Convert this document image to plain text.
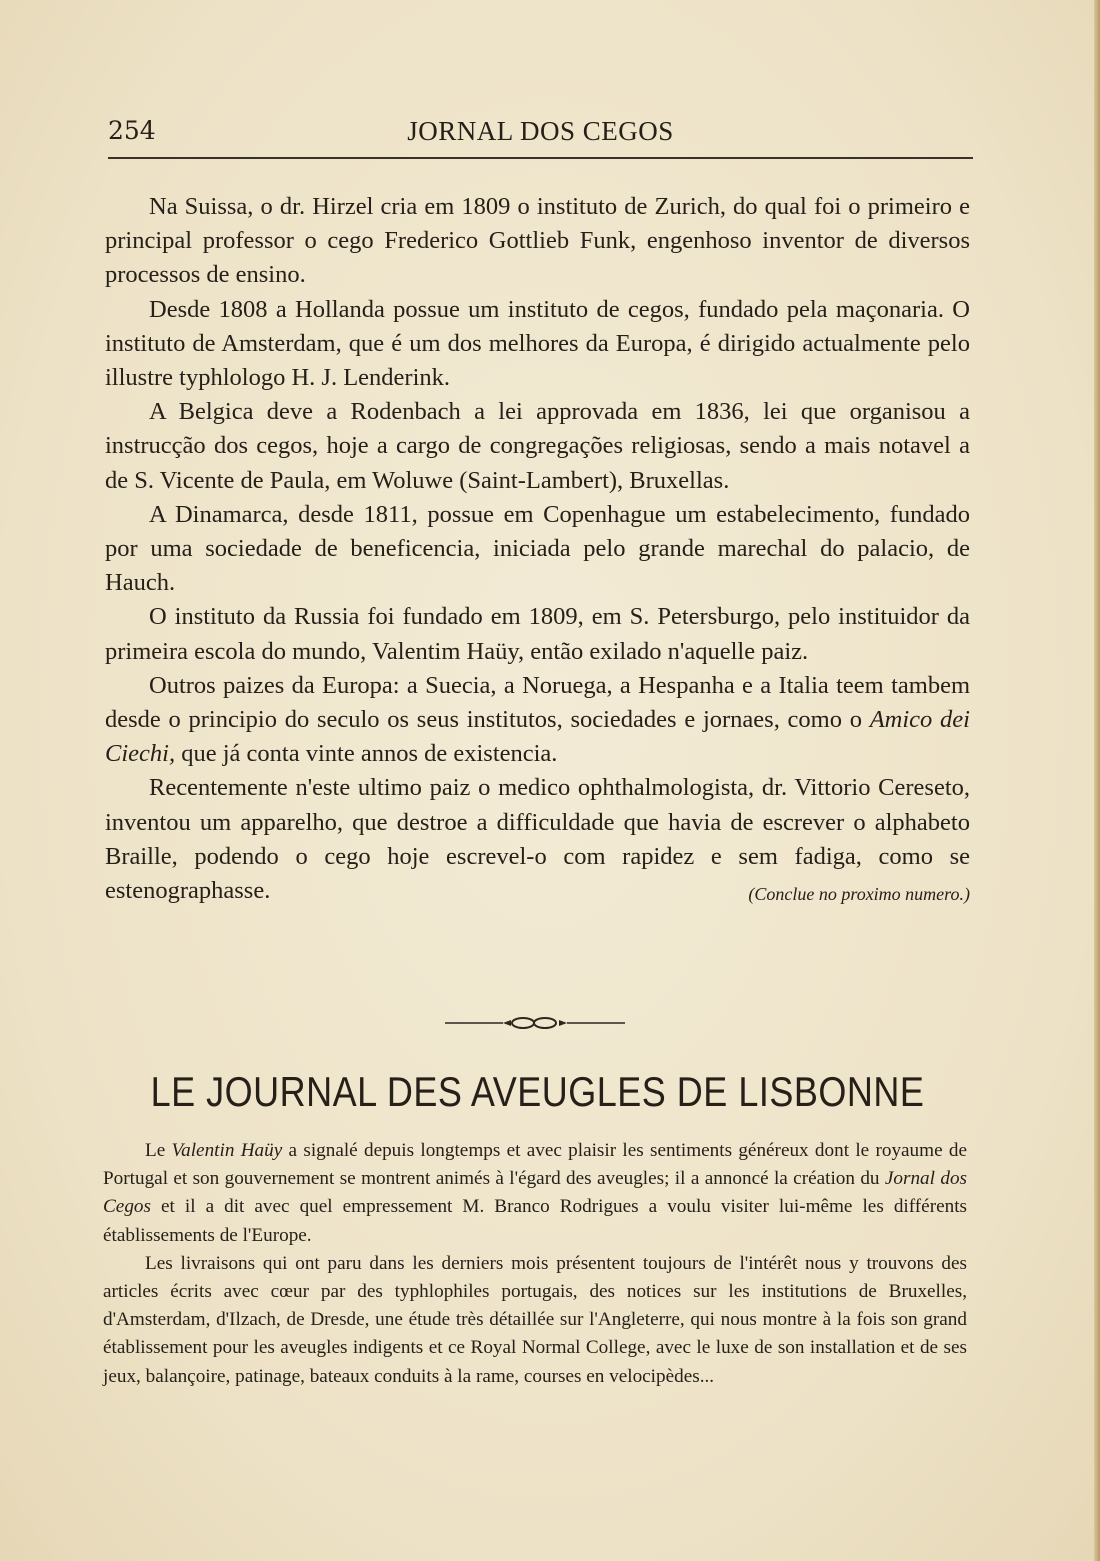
254	JORNAL DOS CEGOS

Na Suissa, o dr. Hirzel cria em 1809 o instituto de Zurich, do qual foi o primeiro e principal professor o cego Frederico Gottlieb Funk, engenhoso inventor de diversos processos de ensino.

Desde 1808 a Hollanda possue um instituto de cegos, fundado pela maçonaria. O instituto de Amsterdam, que é um dos melhores da Europa, é dirigido actualmente pelo illustre typhlologo H. J. Lenderink.

A Belgica deve a Rodenbach a lei approvada em 1836, lei que organisou a instrucção dos cegos, hoje a cargo de congregações religiosas, sendo a mais notavel a de S. Vicente de Paula, em Woluwe (Saint-Lambert), Bruxellas.

A Dinamarca, desde 1811, possue em Copenhague um estabelecimento, fundado por uma sociedade de beneficencia, iniciada pelo grande marechal do palacio, de Hauch.

O instituto da Russia foi fundado em 1809, em S. Petersburgo, pelo instituidor da primeira escola do mundo, Valentim Haüy, então exilado n'aquelle paiz.

Outros paizes da Europa: a Suecia, a Noruega, a Hespanha e a Italia teem tambem desde o principio do seculo os seus institutos, sociedades e jornaes, como o Amico dei Ciechi, que já conta vinte annos de existencia.

Recentemente n'este ultimo paiz o medico ophthalmologista, dr. Vittorio Cereseto, inventou um apparelho, que destroe a difficuldade que havia de escrever o alphabeto Braille, podendo o cego hoje escrevel-o com rapidez e sem fadiga, como se estenographasse.	(Conclue no proximo numero.)

LE JOURNAL DES AVEUGLES DE LISBONNE

Le Valentin Haüy a signalé depuis longtemps et avec plaisir les sentiments généreux dont le royaume de Portugal et son gouvernement se montrent animés à l'égard des aveugles; il a annoncé la création du Jornal dos Cegos et il a dit avec quel empressement M. Branco Rodrigues a voulu visiter lui-même les différents établissements de l'Europe.

Les livraisons qui ont paru dans les derniers mois présentent toujours de l'intérêt nous y trouvons des articles écrits avec cœur par des typhlophiles portugais, des notices sur les institutions de Bruxelles, d'Amsterdam, d'Ilzach, de Dresde, une étude très détaillée sur l'Angleterre, qui nous montre à la fois son grand établissement pour les aveugles indigents et ce Royal Normal College, avec le luxe de son installation et de ses jeux, balançoire, patinage, bateaux conduits à la rame, courses en velocipèdes...
